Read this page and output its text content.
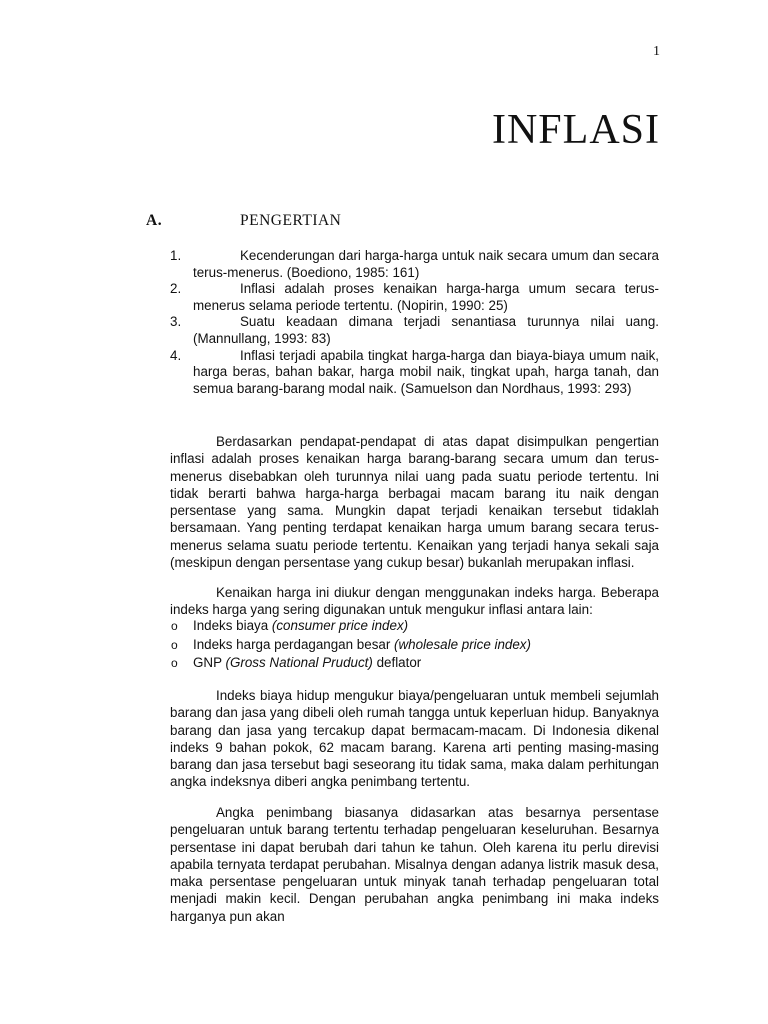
1
INFLASI
A.	PENGERTIAN
1.	Kecenderungan dari harga-harga untuk naik secara umum dan secara terus-menerus. (Boediono, 1985: 161)
2.	Inflasi adalah proses kenaikan harga-harga umum secara terus-menerus selama periode tertentu. (Nopirin, 1990: 25)
3.	Suatu keadaan dimana terjadi senantiasa turunnya nilai uang. (Mannullang, 1993: 83)
4.	Inflasi terjadi apabila tingkat harga-harga dan biaya-biaya umum naik, harga beras, bahan bakar, harga mobil naik, tingkat upah, harga tanah, dan semua barang-barang modal naik. (Samuelson dan Nordhaus, 1993: 293)

Berdasarkan pendapat-pendapat di atas dapat disimpulkan pengertian inflasi adalah proses kenaikan harga barang-barang secara umum dan terus-menerus disebabkan oleh turunnya nilai uang pada suatu periode tertentu. Ini tidak berarti bahwa harga-harga berbagai macam barang itu naik dengan persentase yang sama. Mungkin dapat terjadi kenaikan tersebut tidaklah bersamaan. Yang penting terdapat kenaikan harga umum barang secara terus-menerus selama suatu periode tertentu. Kenaikan yang terjadi hanya sekali saja (meskipun dengan persentase yang cukup besar) bukanlah merupakan inflasi.

Kenaikan harga ini diukur dengan menggunakan indeks harga. Beberapa indeks harga yang sering digunakan untuk mengukur inflasi antara lain:

o Indeks biaya (consumer price index)
o Indeks harga perdagangan besar (wholesale price index)
o GNP (Gross National Pruduct) deflator

Indeks biaya hidup mengukur biaya/pengeluaran untuk membeli sejumlah barang dan jasa yang dibeli oleh rumah tangga untuk keperluan hidup. Banyaknya barang dan jasa yang tercakup dapat bermacam-macam. Di Indonesia dikenal indeks 9 bahan pokok, 62 macam barang. Karena arti penting masing-masing barang dan jasa tersebut bagi seseorang itu tidak sama, maka dalam perhitungan angka indeksnya diberi angka penimbang tertentu.

Angka penimbang biasanya didasarkan atas besarnya persentase pengeluaran untuk barang tertentu terhadap pengeluaran keseluruhan. Besarnya persentase ini dapat berubah dari tahun ke tahun. Oleh karena itu perlu direvisi apabila ternyata terdapat perubahan. Misalnya dengan adanya listrik masuk desa, maka persentase pengeluaran untuk minyak tanah terhadap pengeluaran total menjadi makin kecil. Dengan perubahan angka penimbang ini maka indeks harganya pun akan
